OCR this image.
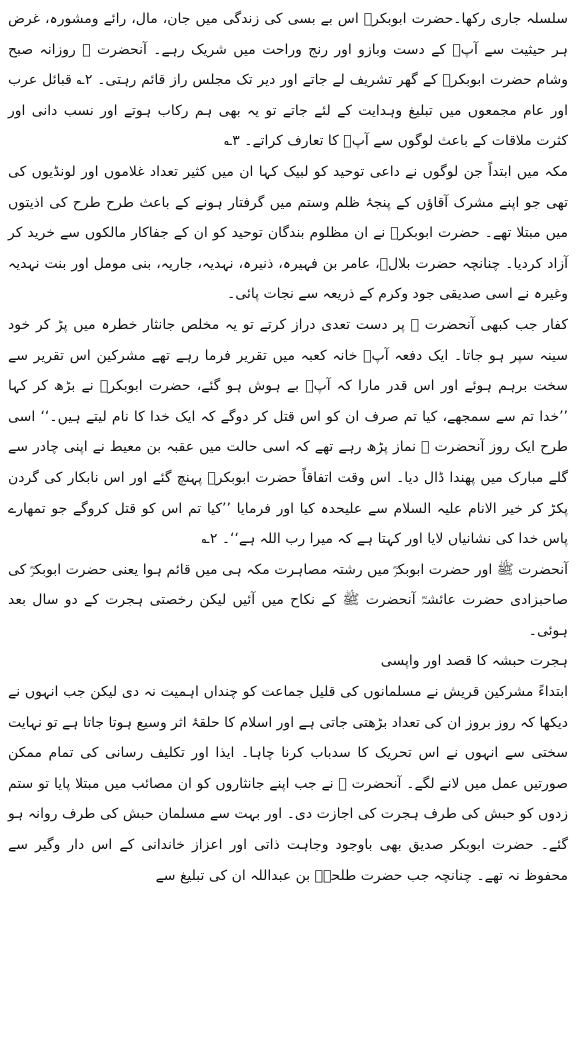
سلسلہ جاری رکھا۔حضرت ابوبکرؓ اس بے بسی کی زندگی میں جان، مال، رائے ومشورہ، غرض ہر حیثیت سے آپؐ کے دست وبازو اور رنج وراحت میں شریک رہے۔ آنحضرت ﷺ روزانہ صبح وشام حضرت ابوبکرؓ کے گھر تشریف لے جاتے اور دیر تک مجلس راز قائم رہتی۔ ۲؎ قبائل عرب اور عام مجمعوں میں تبلیغ وہدایت کے لئے جاتے تو یہ بھی ہم رکاب ہوتے اور نسب دانی اور کثرت ملاقات کے باعث لوگوں سے آپؐ کا تعارف کراتے۔ ۳؎

مکہ میں ابتداً جن لوگوں نے داعی توحید کو لبیک کہا ان میں کثیر تعداد غلاموں اور لونڈیوں کی تھی جو اپنے مشرک آقاؤں کے پنجۂ ظلم وستم میں گرفتار ہونے کے باعث طرح طرح کی اذیتوں میں مبتلا تھے۔ حضرت ابوبکرؓ نے ان مظلوم بندگان توحید کو ان کے جفاکار مالکوں سے خرید کر آزاد کردیا۔ چنانچہ حضرت بلالؓ، عامر بن فہیرہ، ذنیرہ، نہدیہ، جاریہ، بنی مومل اور بنت نہدیہ وغیرہ نے اسی صدیقی جود وکرم کے ذریعہ سے نجات پائی۔

کفار جب کبھی آنحضرت ﷺ پر دست تعدی دراز کرتے تو یہ مخلص جانثار خطرہ میں پڑ کر خود سینہ سپر ہو جاتا۔ ایک دفعہ آپؐ خانہ کعبہ میں تقریر فرما رہے تھے مشرکین اس تقریر سے سخت برہم ہوئے اور اس قدر مارا کہ آپؐ بے ہوش ہو گئے، حضرت ابوبکرؓ نے بڑھ کر کہا ’’خدا تم سے سمجھے، کیا تم صرف ان کو اس قتل کر دوگے کہ ایک خدا کا نام لیتے ہیں۔‘‘ اسی طرح ایک روز آنحضرت ﷺ نماز پڑھ رہے تھے کہ اسی حالت میں عقبہ بن معیط نے اپنی چادر سے گلے مبارک میں پھندا ڈال دیا۔ اس وقت اتفاقاً حضرت ابوبکرؓ پہنچ گئے اور اس نابکار کی گردن پکڑ کر خیر الانام علیہ السلام سے علیحدہ کیا اور فرمایا ’’کیا تم اس کو قتل کروگے جو تمھارے پاس خدا کی نشانیاں لایا اور کہتا ہے کہ میرا رب اللہ ہے‘‘۔ ۲؎

آنحضرت ﷺ اور حضرت ابوبکرؓ میں رشتہ مصاہرت مکہ ہی میں قائم ہوا یعنی حضرت ابوبکرؓ کی صاحبزادی حضرت عائشہؓ آنحضرت ﷺ کے نکاح میں آئیں لیکن رخصتی ہجرت کے دو سال بعد ہوئی۔

ہجرت حبشہ کا قصد اور واپسی

ابتداءً مشرکین قریش نے مسلمانوں کی قلیل جماعت کو چنداں اہمیت نہ دی لیکن جب انہوں نے دیکھا کہ روز بروز ان کی تعداد بڑھتی جاتی ہے اور اسلام کا حلقۂ اثر وسیع ہوتا جاتا ہے تو نہایت سختی سے انہوں نے اس تحریک کا سدباب کرنا چاہا۔ ایذا اور تکلیف رسانی کی تمام ممکن صورتیں عمل میں لانے لگے۔ آنحضرت ﷺ نے جب اپنے جانثاروں کو ان مصائب میں مبتلا پایا تو ستم زدوں کو حبش کی طرف ہجرت کی اجازت دی۔ اور بہت سے مسلمان حبش کی طرف روانہ ہو گئے۔ حضرت ابوبکر صدیق بھی باوجود وجاہت ذاتی اور اعزاز خاندانی کے اس دار وگیر سے محفوظ نہ تھے۔ چنانچہ جب حضرت طلحہؓ بن عبداللہ ان کی تبلیغ سے
